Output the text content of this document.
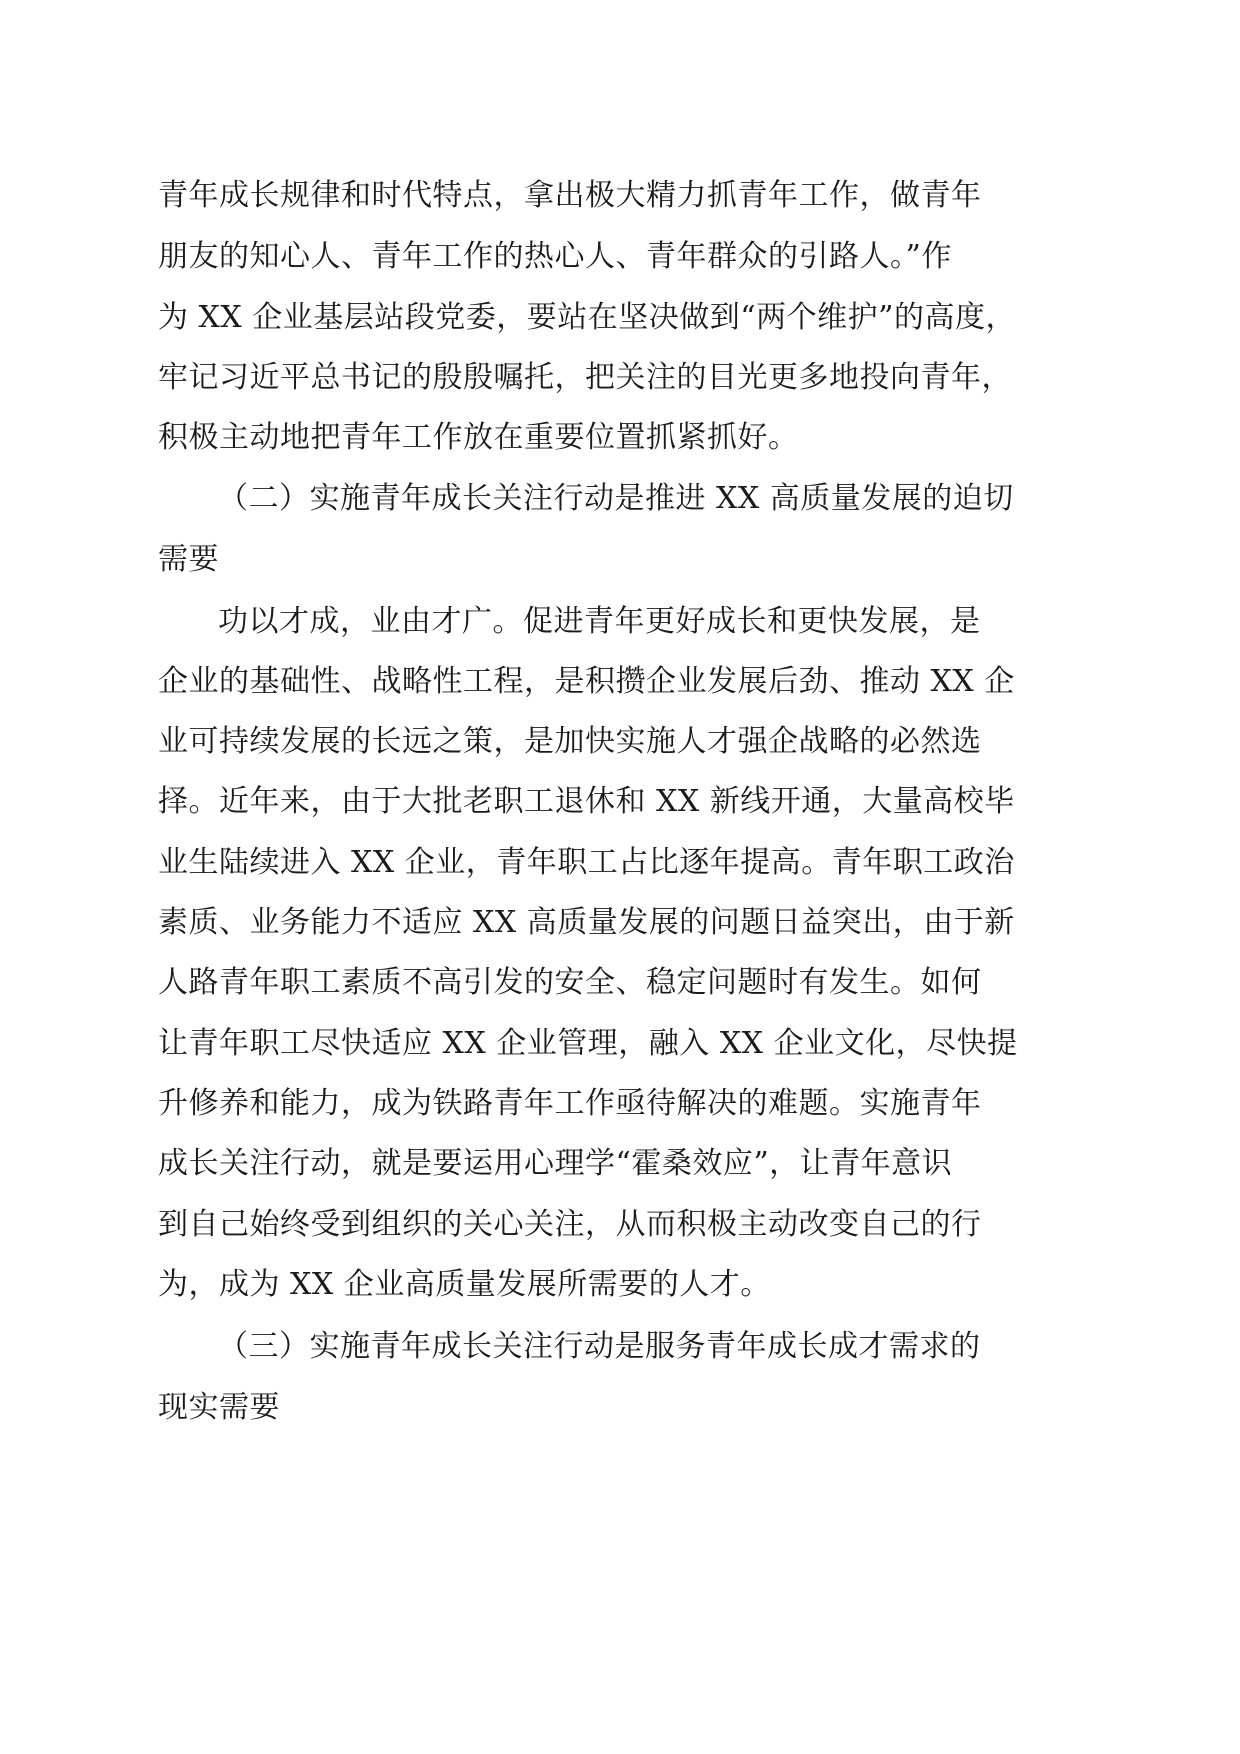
青年成长规律和时代特点，拿出极大精力抓青年工作，做青年
朋友的知心人、青年工作的热心人、青年群众的引路人。”作
为 XX 企业基层站段党委，要站在坚决做到“两个维护”的高度，
牢记习近平总书记的殷殷嘱托，把关注的目光更多地投向青年，
积极主动地把青年工作放在重要位置抓紧抓好。
（二）实施青年成长关注行动是推进 XX 高质量发展的迫切
需要
功以才成，业由才广。促进青年更好成长和更快发展，是
企业的基础性、战略性工程，是积攒企业发展后劲、推动 XX 企
业可持续发展的长远之策，是加快实施人才强企战略的必然选
择。近年来，由于大批老职工退休和 XX 新线开通，大量高校毕
业生陆续进入 XX 企业，青年职工占比逐年提高。青年职工政治
素质、业务能力不适应 XX 高质量发展的问题日益突出，由于新
人路青年职工素质不高引发的安全、稳定问题时有发生。如何
让青年职工尽快适应 XX 企业管理，融入 XX 企业文化，尽快提
升修养和能力，成为铁路青年工作亟待解决的难题。实施青年
成长关注行动，就是要运用心理学“霍桑效应”，让青年意识
到自己始终受到组织的关心关注，从而积极主动改变自己的行
为，成为 XX 企业高质量发展所需要的人才。
（三）实施青年成长关注行动是服务青年成长成才需求的
现实需要
